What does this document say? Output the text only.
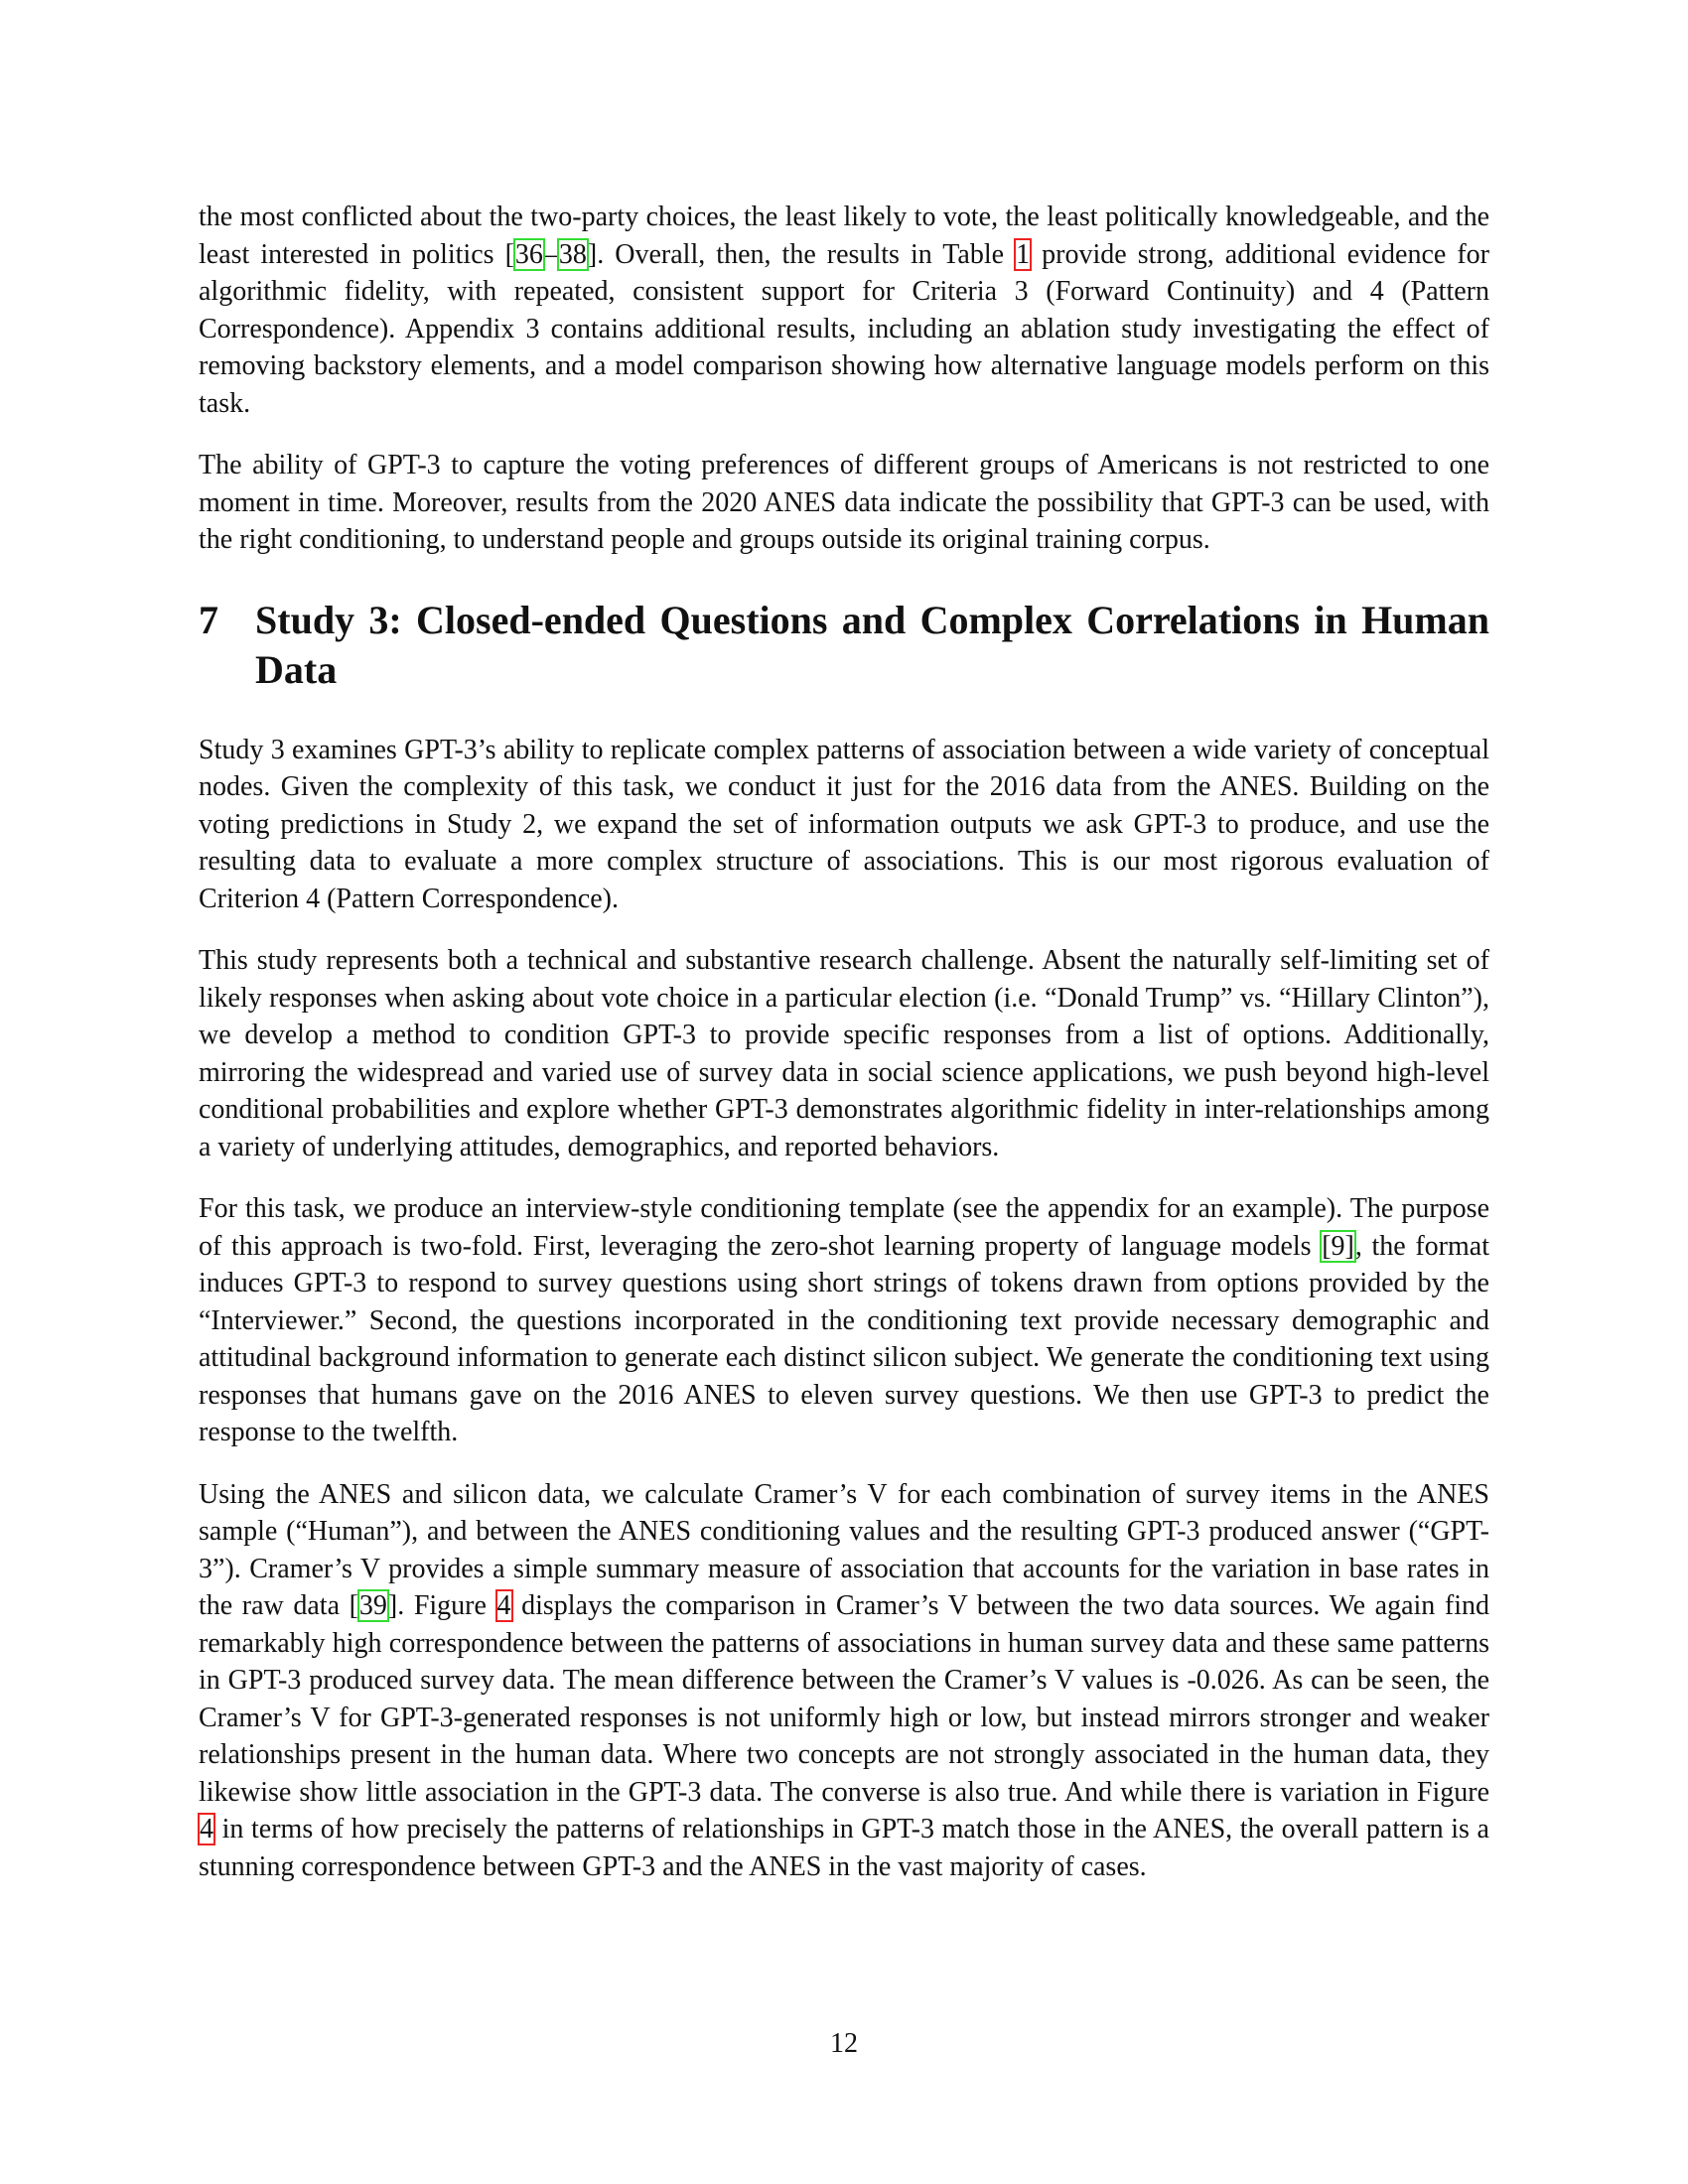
the most conflicted about the two-party choices, the least likely to vote, the least politically knowledgeable, and the least interested in politics [36–38]. Overall, then, the results in Table 1 provide strong, additional evidence for algorithmic fidelity, with repeated, consistent support for Criteria 3 (Forward Continuity) and 4 (Pattern Correspondence). Appendix 3 contains additional results, including an ablation study investigating the effect of removing backstory elements, and a model comparison showing how alternative language models perform on this task.

The ability of GPT-3 to capture the voting preferences of different groups of Americans is not restricted to one moment in time. Moreover, results from the 2020 ANES data indicate the possibility that GPT-3 can be used, with the right conditioning, to understand people and groups outside its original training corpus.

7 Study 3: Closed-ended Questions and Complex Correlations in Human Data

Study 3 examines GPT-3’s ability to replicate complex patterns of association between a wide variety of conceptual nodes. Given the complexity of this task, we conduct it just for the 2016 data from the ANES. Building on the voting predictions in Study 2, we expand the set of information outputs we ask GPT-3 to produce, and use the resulting data to evaluate a more complex structure of associations. This is our most rigorous evaluation of Criterion 4 (Pattern Correspondence).

This study represents both a technical and substantive research challenge. Absent the naturally self-limiting set of likely responses when asking about vote choice in a particular election (i.e. “Donald Trump” vs. “Hillary Clinton”), we develop a method to condition GPT-3 to provide specific responses from a list of options. Additionally, mirroring the widespread and varied use of survey data in social science applications, we push beyond high-level conditional probabilities and explore whether GPT-3 demonstrates algorithmic fidelity in inter-relationships among a variety of underlying attitudes, demographics, and reported behaviors.

For this task, we produce an interview-style conditioning template (see the appendix for an example). The purpose of this approach is two-fold. First, leveraging the zero-shot learning property of language models [9], the format induces GPT-3 to respond to survey questions using short strings of tokens drawn from options provided by the “Interviewer.” Second, the questions incorporated in the conditioning text provide necessary demographic and attitudinal background information to generate each distinct silicon subject. We generate the conditioning text using responses that humans gave on the 2016 ANES to eleven survey questions. We then use GPT-3 to predict the response to the twelfth.

Using the ANES and silicon data, we calculate Cramer’s V for each combination of survey items in the ANES sample (“Human”), and between the ANES conditioning values and the resulting GPT-3 produced answer (“GPT-3”). Cramer’s V provides a simple summary measure of association that accounts for the variation in base rates in the raw data [39]. Figure 4 displays the comparison in Cramer’s V between the two data sources. We again find remarkably high correspondence between the patterns of associations in human survey data and these same patterns in GPT-3 produced survey data. The mean difference between the Cramer’s V values is -0.026. As can be seen, the Cramer’s V for GPT-3-generated responses is not uniformly high or low, but instead mirrors stronger and weaker relationships present in the human data. Where two concepts are not strongly associated in the human data, they likewise show little association in the GPT-3 data. The converse is also true. And while there is variation in Figure 4 in terms of how precisely the patterns of relationships in GPT-3 match those in the ANES, the overall pattern is a stunning correspondence between GPT-3 and the ANES in the vast majority of cases.

12
